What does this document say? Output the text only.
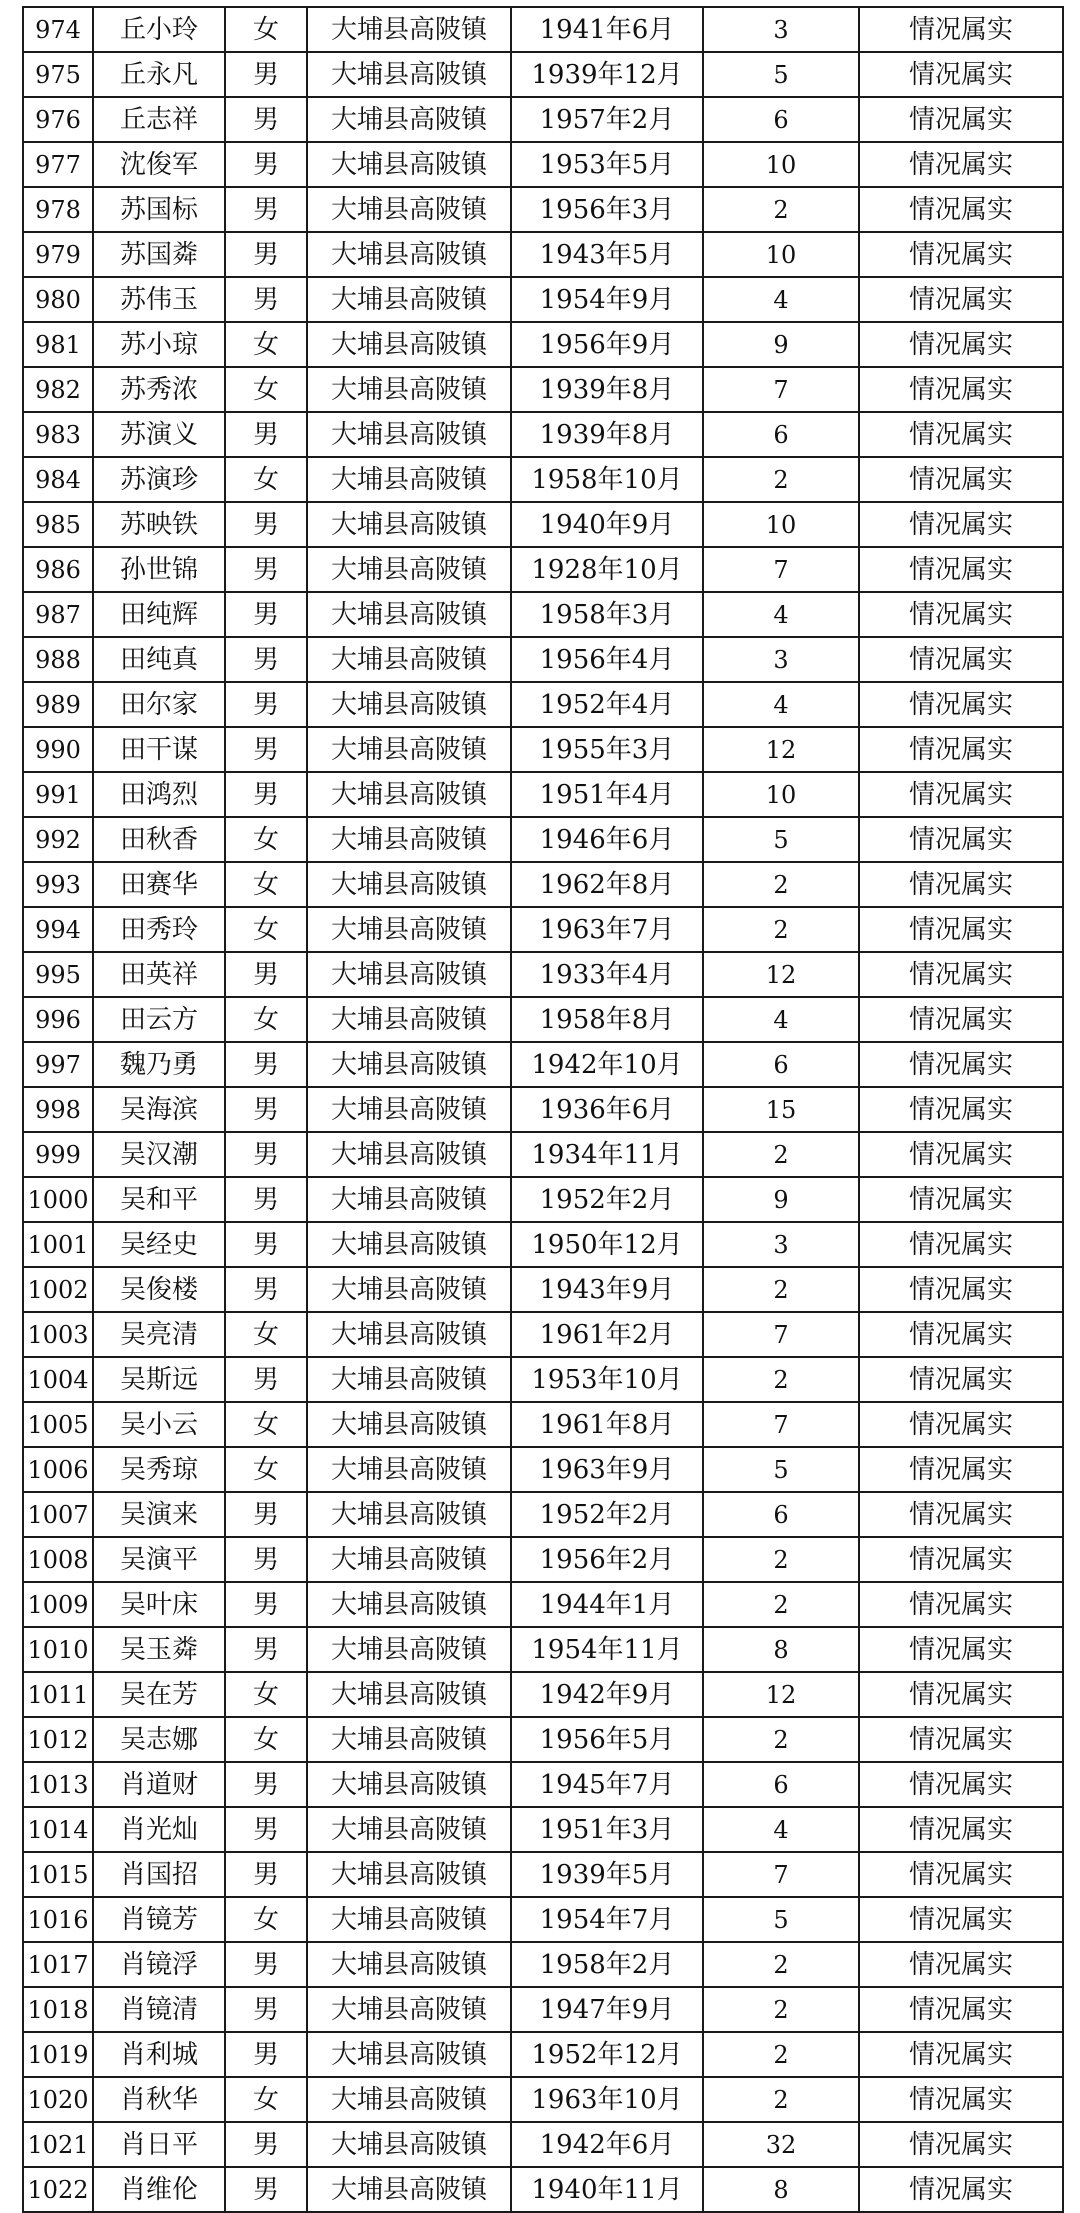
974	丘小玲	女	大埔县高陂镇	1941年6月	3	情况属实
975	丘永凡	男	大埔县高陂镇	1939年12月	5	情况属实
976	丘志祥	男	大埔县高陂镇	1957年2月	6	情况属实
977	沈俊军	男	大埔县高陂镇	1953年5月	10	情况属实
978	苏国标	男	大埔县高陂镇	1956年3月	2	情况属实
979	苏国粦	男	大埔县高陂镇	1943年5月	10	情况属实
980	苏伟玉	男	大埔县高陂镇	1954年9月	4	情况属实
981	苏小琼	女	大埔县高陂镇	1956年9月	9	情况属实
982	苏秀浓	女	大埔县高陂镇	1939年8月	7	情况属实
983	苏演义	男	大埔县高陂镇	1939年8月	6	情况属实
984	苏演珍	女	大埔县高陂镇	1958年10月	2	情况属实
985	苏映铁	男	大埔县高陂镇	1940年9月	10	情况属实
986	孙世锦	男	大埔县高陂镇	1928年10月	7	情况属实
987	田纯辉	男	大埔县高陂镇	1958年3月	4	情况属实
988	田纯真	男	大埔县高陂镇	1956年4月	3	情况属实
989	田尔家	男	大埔县高陂镇	1952年4月	4	情况属实
990	田干谋	男	大埔县高陂镇	1955年3月	12	情况属实
991	田鸿烈	男	大埔县高陂镇	1951年4月	10	情况属实
992	田秋香	女	大埔县高陂镇	1946年6月	5	情况属实
993	田赛华	女	大埔县高陂镇	1962年8月	2	情况属实
994	田秀玲	女	大埔县高陂镇	1963年7月	2	情况属实
995	田英祥	男	大埔县高陂镇	1933年4月	12	情况属实
996	田云方	女	大埔县高陂镇	1958年8月	4	情况属实
997	魏乃勇	男	大埔县高陂镇	1942年10月	6	情况属实
998	吴海滨	男	大埔县高陂镇	1936年6月	15	情况属实
999	吴汉潮	男	大埔县高陂镇	1934年11月	2	情况属实
1000	吴和平	男	大埔县高陂镇	1952年2月	9	情况属实
1001	吴经史	男	大埔县高陂镇	1950年12月	3	情况属实
1002	吴俊楼	男	大埔县高陂镇	1943年9月	2	情况属实
1003	吴亮清	女	大埔县高陂镇	1961年2月	7	情况属实
1004	吴斯远	男	大埔县高陂镇	1953年10月	2	情况属实
1005	吴小云	女	大埔县高陂镇	1961年8月	7	情况属实
1006	吴秀琼	女	大埔县高陂镇	1963年9月	5	情况属实
1007	吴演来	男	大埔县高陂镇	1952年2月	6	情况属实
1008	吴演平	男	大埔县高陂镇	1956年2月	2	情况属实
1009	吴叶床	男	大埔县高陂镇	1944年1月	2	情况属实
1010	吴玉粦	男	大埔县高陂镇	1954年11月	8	情况属实
1011	吴在芳	女	大埔县高陂镇	1942年9月	12	情况属实
1012	吴志娜	女	大埔县高陂镇	1956年5月	2	情况属实
1013	肖道财	男	大埔县高陂镇	1945年7月	6	情况属实
1014	肖光灿	男	大埔县高陂镇	1951年3月	4	情况属实
1015	肖国招	男	大埔县高陂镇	1939年5月	7	情况属实
1016	肖镜芳	女	大埔县高陂镇	1954年7月	5	情况属实
1017	肖镜浮	男	大埔县高陂镇	1958年2月	2	情况属实
1018	肖镜清	男	大埔县高陂镇	1947年9月	2	情况属实
1019	肖利城	男	大埔县高陂镇	1952年12月	2	情况属实
1020	肖秋华	女	大埔县高陂镇	1963年10月	2	情况属实
1021	肖日平	男	大埔县高陂镇	1942年6月	32	情况属实
1022	肖维伦	男	大埔县高陂镇	1940年11月	8	情况属实
